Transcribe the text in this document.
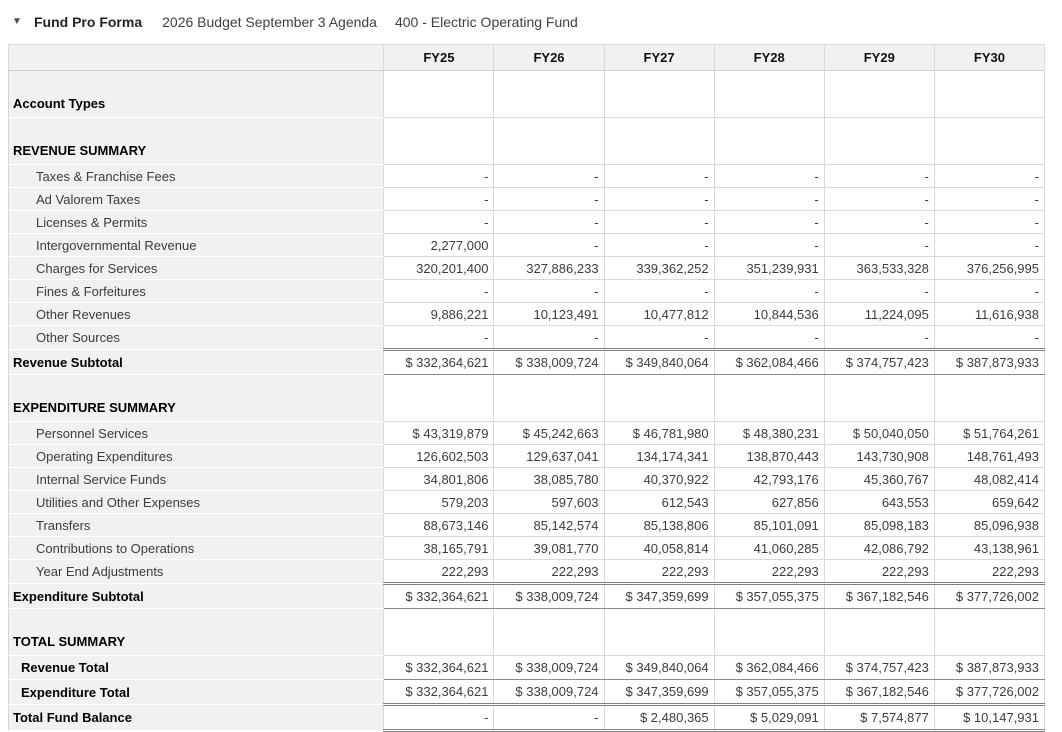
▼ Fund Pro Forma 2026 Budget September 3 Agenda 400 - Electric Operating Fund
	FY25	FY26	FY27	FY28	FY29	FY30
Account Types						
REVENUE SUMMARY						
Taxes & Franchise Fees	-	-	-	-	-	-
Ad Valorem Taxes	-	-	-	-	-	-
Licenses & Permits	-	-	-	-	-	-
Intergovernmental Revenue	2,277,000	-	-	-	-	-
Charges for Services	320,201,400	327,886,233	339,362,252	351,239,931	363,533,328	376,256,995
Fines & Forfeitures	-	-	-	-	-	-
Other Revenues	9,886,221	10,123,491	10,477,812	10,844,536	11,224,095	11,616,938
Other Sources	-	-	-	-	-	-
Revenue Subtotal	$ 332,364,621	$ 338,009,724	$ 349,840,064	$ 362,084,466	$ 374,757,423	$ 387,873,933
EXPENDITURE SUMMARY						
Personnel Services	$ 43,319,879	$ 45,242,663	$ 46,781,980	$ 48,380,231	$ 50,040,050	$ 51,764,261
Operating Expenditures	126,602,503	129,637,041	134,174,341	138,870,443	143,730,908	148,761,493
Internal Service Funds	34,801,806	38,085,780	40,370,922	42,793,176	45,360,767	48,082,414
Utilities and Other Expenses	579,203	597,603	612,543	627,856	643,553	659,642
Transfers	88,673,146	85,142,574	85,138,806	85,101,091	85,098,183	85,096,938
Contributions to Operations	38,165,791	39,081,770	40,058,814	41,060,285	42,086,792	43,138,961
Year End Adjustments	222,293	222,293	222,293	222,293	222,293	222,293
Expenditure Subtotal	$ 332,364,621	$ 338,009,724	$ 347,359,699	$ 357,055,375	$ 367,182,546	$ 377,726,002
TOTAL SUMMARY						
Revenue Total	$ 332,364,621	$ 338,009,724	$ 349,840,064	$ 362,084,466	$ 374,757,423	$ 387,873,933
Expenditure Total	$ 332,364,621	$ 338,009,724	$ 347,359,699	$ 357,055,375	$ 367,182,546	$ 377,726,002
Total Fund Balance	-	-	$ 2,480,365	$ 5,029,091	$ 7,574,877	$ 10,147,931
